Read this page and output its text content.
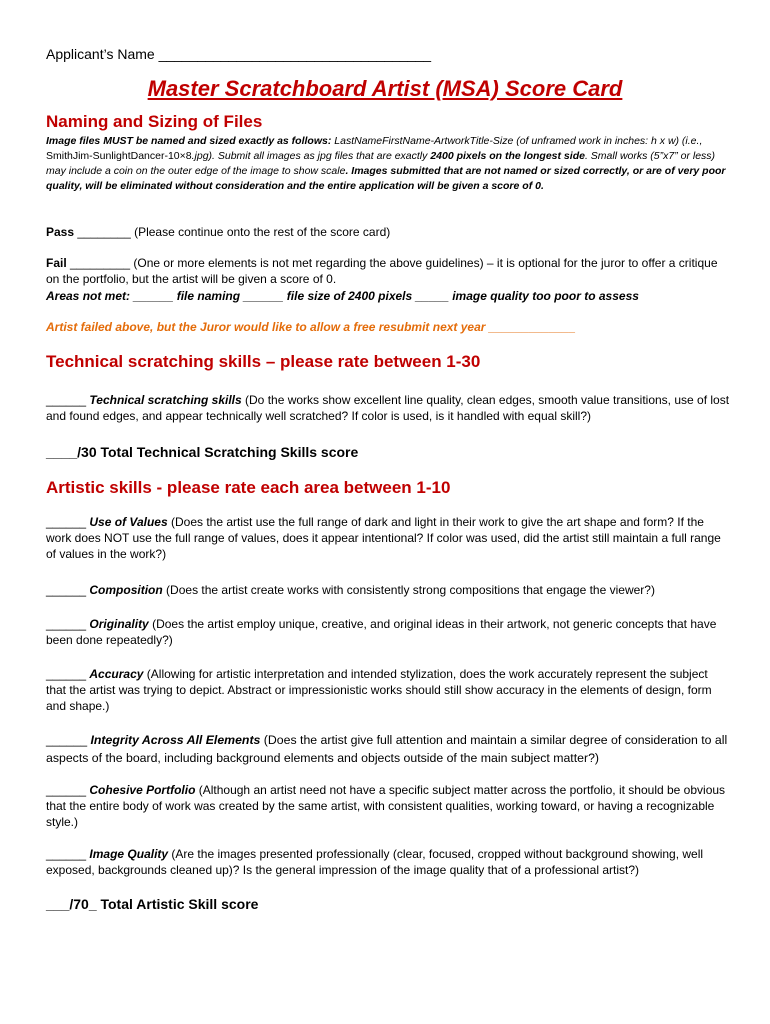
Applicant’s Name ___________________________________
Master Scratchboard Artist (MSA) Score Card
Naming and Sizing of Files
Image files MUST be named and sized exactly as follows: LastNameFirstName-ArtworkTitle-Size (of unframed work in inches: h x w) (i.e., SmithJim-SunlightDancer-10×8.jpg). Submit all images as jpg files that are exactly 2400 pixels on the longest side. Small works (5”x7” or less) may include a coin on the outer edge of the image to show scale. Images submitted that are not named or sized correctly, or are of very poor quality, will be eliminated without consideration and the entire application will be given a score of 0.
Pass ________ (Please continue onto the rest of the score card)
Fail _________ (One or more elements is not met regarding the above guidelines) – it is optional for the juror to offer a critique on the portfolio, but the artist will be given a score of 0.
Areas not met: ______ file naming ______ file size of 2400 pixels _____ image quality too poor to assess
Artist failed above, but the Juror would like to allow a free resubmit next year _____________
Technical scratching skills – please rate between 1-30
______ Technical scratching skills (Do the works show excellent line quality, clean edges, smooth value transitions, use of lost and found edges, and appear technically well scratched? If color is used, is it handled with equal skill?)
____/30 Total Technical Scratching Skills score
Artistic skills - please rate each area between 1-10
______ Use of Values (Does the artist use the full range of dark and light in their work to give the art shape and form? If the work does NOT use the full range of values, does it appear intentional? If color was used, did the artist still maintain a full range of values in the work?)
______ Composition (Does the artist create works with consistently strong compositions that engage the viewer?)
______ Originality (Does the artist employ unique, creative, and original ideas in their artwork, not generic concepts that have been done repeatedly?)
______ Accuracy (Allowing for artistic interpretation and intended stylization, does the work accurately represent the subject that the artist was trying to depict. Abstract or impressionistic works should still show accuracy in the elements of design, form and shape.)
______ Integrity Across All Elements (Does the artist give full attention and maintain a similar degree of consideration to all aspects of the board, including background elements and objects outside of the main subject matter?)
______ Cohesive Portfolio (Although an artist need not have a specific subject matter across the portfolio, it should be obvious that the entire body of work was created by the same artist, with consistent qualities, working toward, or having a recognizable style.)
______ Image Quality (Are the images presented professionally (clear, focused, cropped without background showing, well exposed, backgrounds cleaned up)? Is the general impression of the image quality that of a professional artist?)
___/70_ Total Artistic Skill score
